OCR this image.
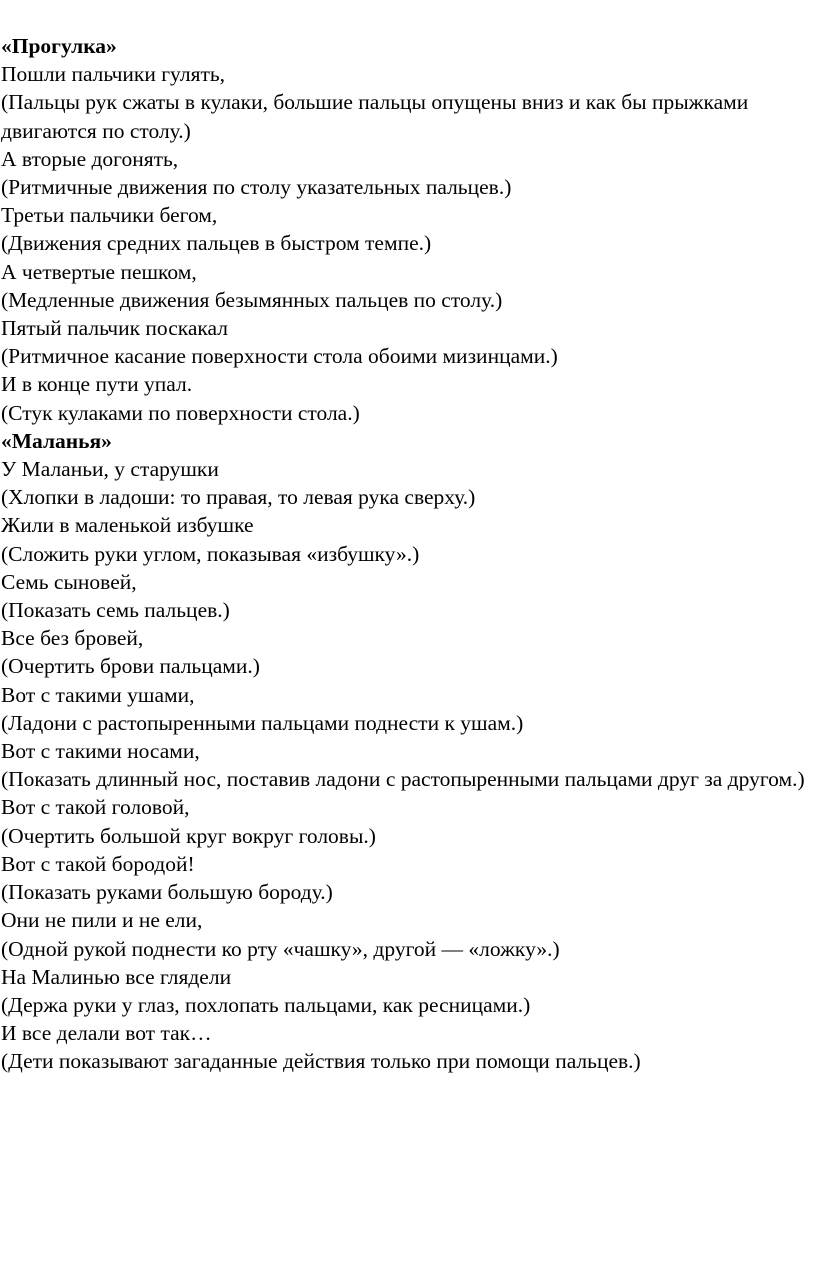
«Прогулка»
Пошли пальчики гулять,
(Пальцы рук сжаты в кулаки, большие пальцы опущены вниз и как бы прыжками двигаются по столу.)
А вторые догонять,
(Ритмичные движения по столу указательных пальцев.)
Третьи пальчики бегом,
(Движения средних пальцев в быстром темпе.)
А четвертые пешком,
(Медленные движения безымянных пальцев по столу.)
Пятый пальчик поскакал
(Ритмичное касание поверхности стола обоими мизинцами.)
И в конце пути упал.
(Стук кулаками по поверхности стола.)
«Маланья»
У Маланьи, у старушки
(Хлопки в ладоши: то правая, то левая рука сверху.)
Жили в маленькой избушке
(Сложить руки углом, показывая «избушку».)
Семь сыновей,
(Показать семь пальцев.)
Все без бровей,
(Очертить брови пальцами.)
Вот с такими ушами,
(Ладони с растопыренными пальцами поднести к ушам.)
Вот с такими носами,
(Показать длинный нос, поставив ладони с растопыренными пальцами друг за другом.)
Вот с такой головой,
(Очертить большой круг вокруг головы.)
Вот с такой бородой!
(Показать руками большую бороду.)
Они не пили и не ели,
(Одной рукой поднести ко рту «чашку», другой — «ложку».)
На Малинью все глядели
(Держа руки у глаз, похлопать пальцами, как ресницами.)
И все делали вот так…
(Дети показывают загаданные действия только при помощи пальцев.)
